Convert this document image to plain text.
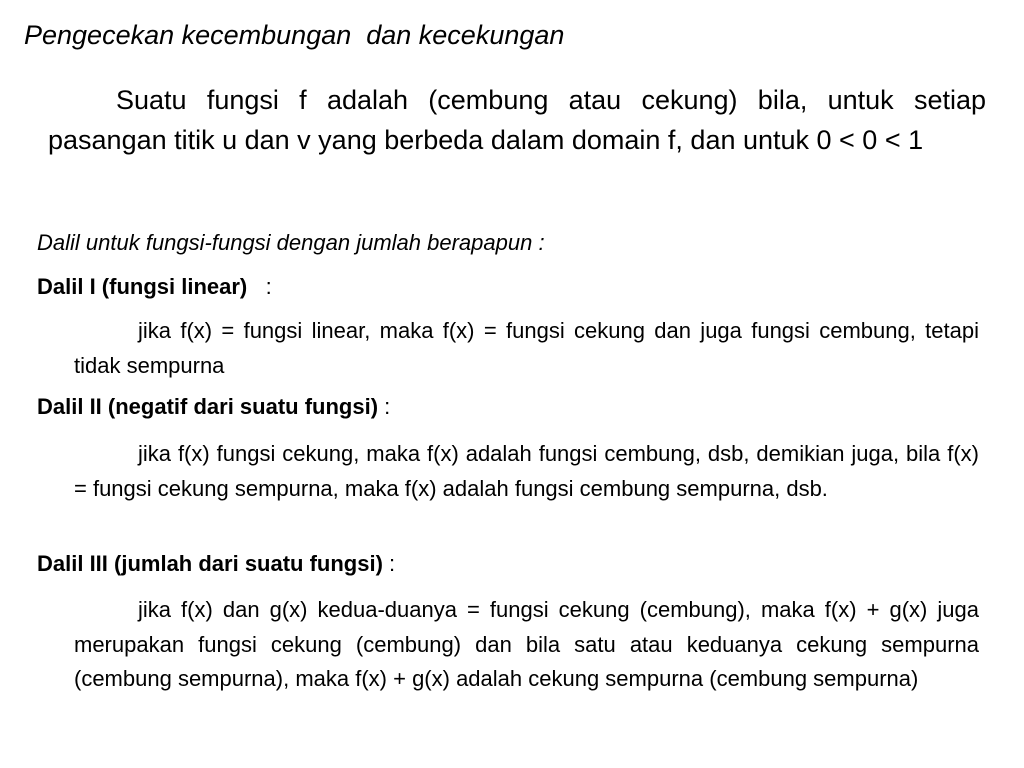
Pengecekan kecembungan  dan kecekungan

Suatu fungsi f adalah (cembung atau cekung) bila, untuk setiap pasangan titik u dan v yang berbeda dalam domain f, dan untuk 0 < 0 < 1

Dalil untuk fungsi-fungsi dengan jumlah berapapun :

Dalil I (fungsi linear)   :

jika f(x) = fungsi linear, maka f(x) = fungsi cekung dan juga fungsi cembung, tetapi tidak sempurna

Dalil II (negatif dari suatu fungsi) :

jika f(x) fungsi cekung, maka f(x) adalah fungsi cembung, dsb, demikian juga, bila f(x) = fungsi cekung sempurna, maka f(x) adalah fungsi cembung sempurna, dsb.

Dalil III (jumlah dari suatu fungsi) :

jika f(x) dan g(x) kedua-duanya = fungsi cekung (cembung), maka f(x) + g(x) juga merupakan fungsi cekung (cembung) dan bila satu atau keduanya cekung sempurna (cembung sempurna), maka f(x) + g(x) adalah cekung sempurna (cembung sempurna)
